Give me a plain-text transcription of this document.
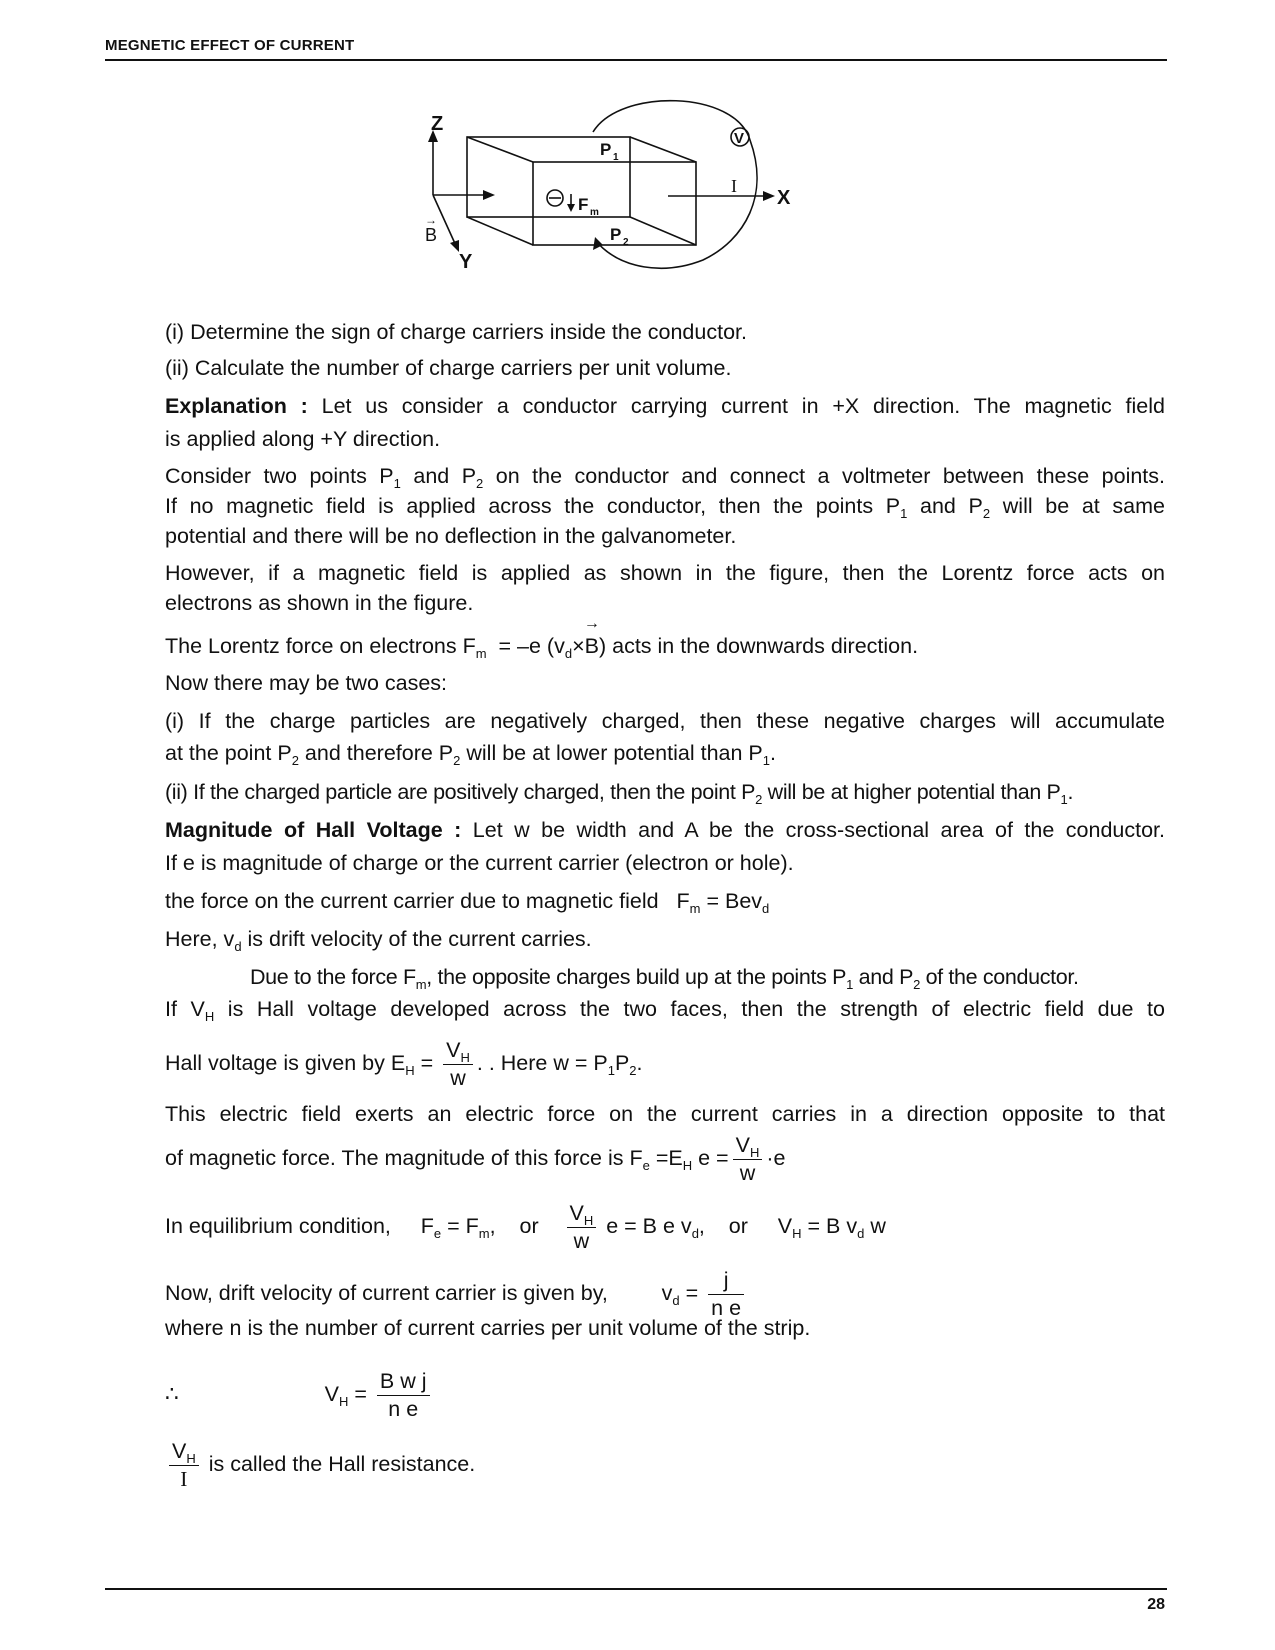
MEGNETIC EFFECT OF CURRENT
Z
X
Y
P 1
P 2
V
F m
B
→
I
(i) Determine the sign of charge carriers inside the conductor.
(ii) Calculate the number of charge carriers per unit volume.
Explanation : Let us consider a conductor carrying current in +X direction. The magnetic field
is applied along +Y direction.
Consider two points $P_1$ and $P_2$ on the conductor and connect a voltmeter between these points.
If no magnetic field is applied across the conductor, then the points $P_1$ and $P_2$ will be at same
potential and there will be no deflection in the galvanometer.
However, if a magnetic field is applied as shown in the figure, then the Lorentz force acts on
electrons as shown in the figure.
The Lorentz force on electrons $F_m = -e$ $(v_d\times\to B)$ acts in the downwards direction.
Now there may be two cases:
(i) If the charge particles are negatively charged, then these negative charges will accumulate
at the point $P_2$ and therefore $P_2$ will be at lower potential than $P_1$.
(ii) If the charged particle are positively charged, then the point $P_2$ will be at higher potential than $P_1$.
Magnitude of Hall Voltage : Let w be width and A be the cross-sectional area of the conductor.
If e is magnitude of charge or the current carrier (electron or hole).
the force on the current carrier due to magnetic field   $F_m = Bev_d$
Here, $v_d$ is drift velocity of the current carries.
Due to the force $F_m$, the opposite charges build up at the points $P_1$ and $P_2$ of the conductor.
If $V_H$ is Hall voltage developed across the two faces, then the strength of electric field due to
Hall voltage is given by $E_H = \frac{V_H}{w}$ . . Here $w = P_1P_2$.
This electric field exerts an electric force on the current carries in a direction opposite to that
of magnetic force. The magnitude of this force is $F_e =E_H$ $e = \frac{V_H}{w} \cdot e$
In equilibrium condition,     $F_e = F_m$,    or $\frac{V_H}{w}$ e = B e $v_d$,    or     $V_H = B$ $v_d$ w
Now, drift velocity of current carrier is given by,         $v_d = \frac{j}{\text{n e}}$
where n is the number of current carries per unit volume of the strip.
∴	$V_H = \frac{\text{B w j}}{\text{n e}}$
$\frac{V_H}{I}$ is called the Hall resistance.
28
